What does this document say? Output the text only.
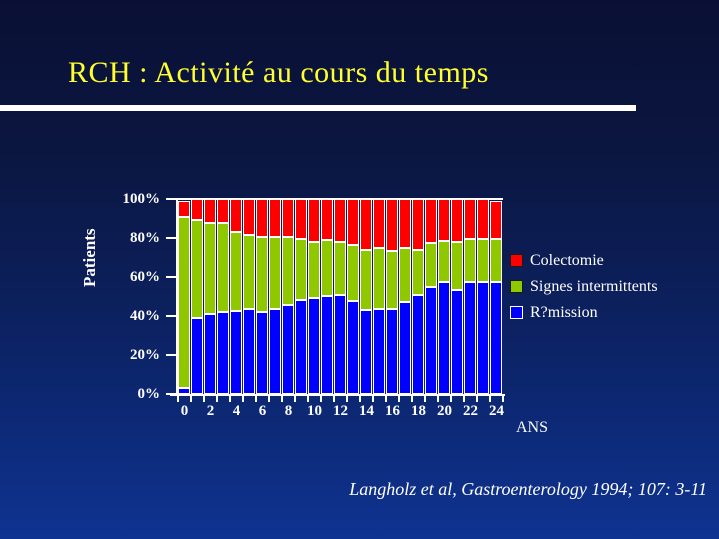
RCH : Activité au cours du temps
Patients
100%
80%
60%
40%
20%
0%
0	2	4	6	8 10 12 14 16 18 20 22 24
ANS
Colectomie
Signes intermittents
R?mission
Langholz et al, Gastroenterology 1994; 107: 3-11
